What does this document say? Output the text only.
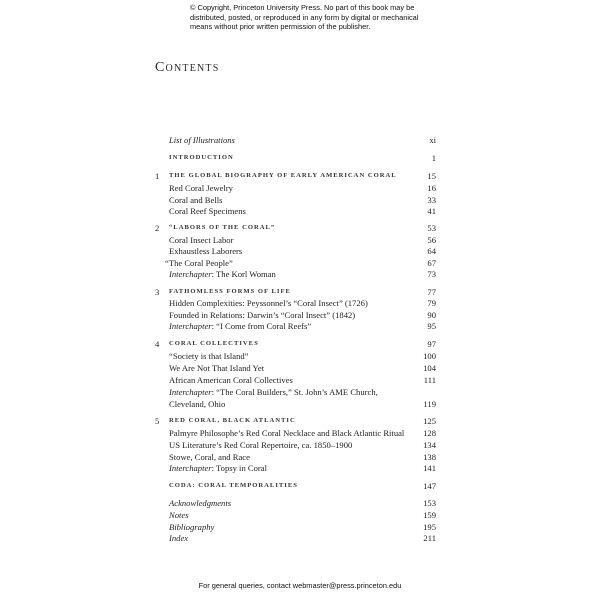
© Copyright, Princeton University Press. No part of this book may be
distributed, posted, or reproduced in any form by digital or mechanical
means without prior written permission of the publisher.
Contents
List of Illustrations	xi
INTRODUCTION	1
1 THE GLOBAL BIOGRAPHY OF EARLY AMERICAN CORAL	15
Red Coral Jewelry	16
Coral and Bells	33
Coral Reef Specimens	41
2 “LABORS OF THE CORAL”	53
Coral Insect Labor	56
Exhaustless Laborers	64
“The Coral People”	67
Interchapter: The Korl Woman	73
3 FATHOMLESS FORMS OF LIFE	77
Hidden Complexities: Peyssonnel’s “Coral Insect” (1726)	79
Founded in Relations: Darwin’s “Coral Insect” (1842)	90
Interchapter: “I Come from Coral Reefs”	95
4 CORAL COLLECTIVES	97
“Society is that Island”	100
We Are Not That Island Yet	104
African American Coral Collectives	111
Interchapter: “The Coral Builders,” St. John’s AME Church,
Cleveland, Ohio	119
5 RED CORAL, BLACK ATLANTIC	125
Palmyre Philosophe’s Red Coral Necklace and Black Atlantic Ritual 128
US Literature’s Red Coral Repertoire, ca. 1850–1900	134
Stowe, Coral, and Race	138
Interchapter: Topsy in Coral	141
CODA: CORAL TEMPORALITIES	147
Acknowledgments	153
Notes	159
Bibliography	195
Index	211
For general queries, contact webmaster@press.princeton.edu
